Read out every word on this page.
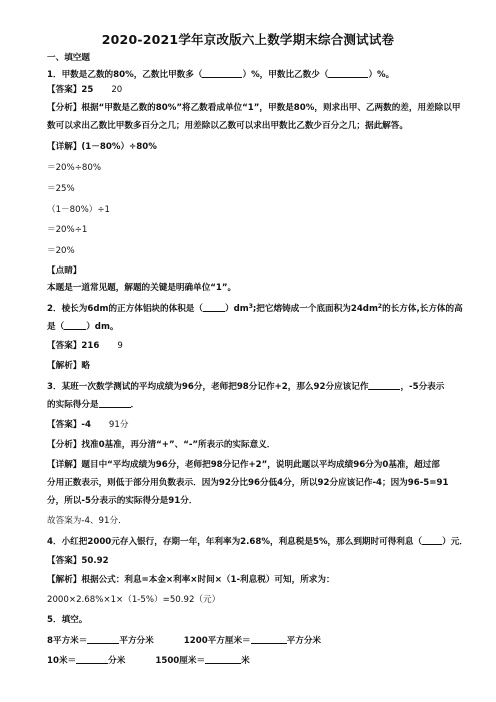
2020-2021学年京改版六上数学期末综合测试试卷
一、填空题
1．甲数是乙数的80%，乙数比甲数多（	）%，甲数比乙数少（	）%。
【答案】25 20
【分析】根据“甲数是乙数的80%”将乙数看成单位“1”，甲数是80%，则求出甲、乙两数的差，用差除以甲
数可以求出乙数比甲数多百分之几；用差除以乙数可以求出甲数比乙数少百分之几；据此解答。
【详解】(1－80%）÷80%
＝20%÷80%
＝25%
（1－80%）÷1
＝20%÷1
＝20%
【点睛】
本题是一道常见题，解题的关键是明确单位“1”。
2．棱长为6dm的正方体铝块的体积是（	）$dm^3$;把它熔铸成一个底面积为$24dm^2$的长方体,长方体的高
是（	）dm。
【答案】216 9
【解析】略
3．某班一次数学测试的平均成绩为96分，老师把98分记作+2，那么92分应该记作	，-5分表示
的实际得分是	．
【答案】-4 91分
【分析】找准0基准，再分清“+”、“-”所表示的实际意义．
【详解】题目中“平均成绩为96分，老师把98分记作+2”，说明此题以平均成绩96分为0基准，超过部
分用正数表示，则低于部分用负数表示．因为92分比96分低4分，所以92分应该记作-4；因为96-5=91
分，所以-5分表示的实际得分是91分．
故答案为-4、91分．
4．小红把2000元存入银行，存期一年，年利率为2.68%，利息税是5%，那么到期时可得利息（ ）元．
【答案】50.92
【解析】根据公式：利息=本金×利率×时间×（1-利息税）可知，所求为：
2000×2.68%×1×（1-5%）=50.92（元）
5．填空。
8平方米＝	平方分米	1200平方厘米＝	平方分米
10米＝	分米	1500厘米＝	米
